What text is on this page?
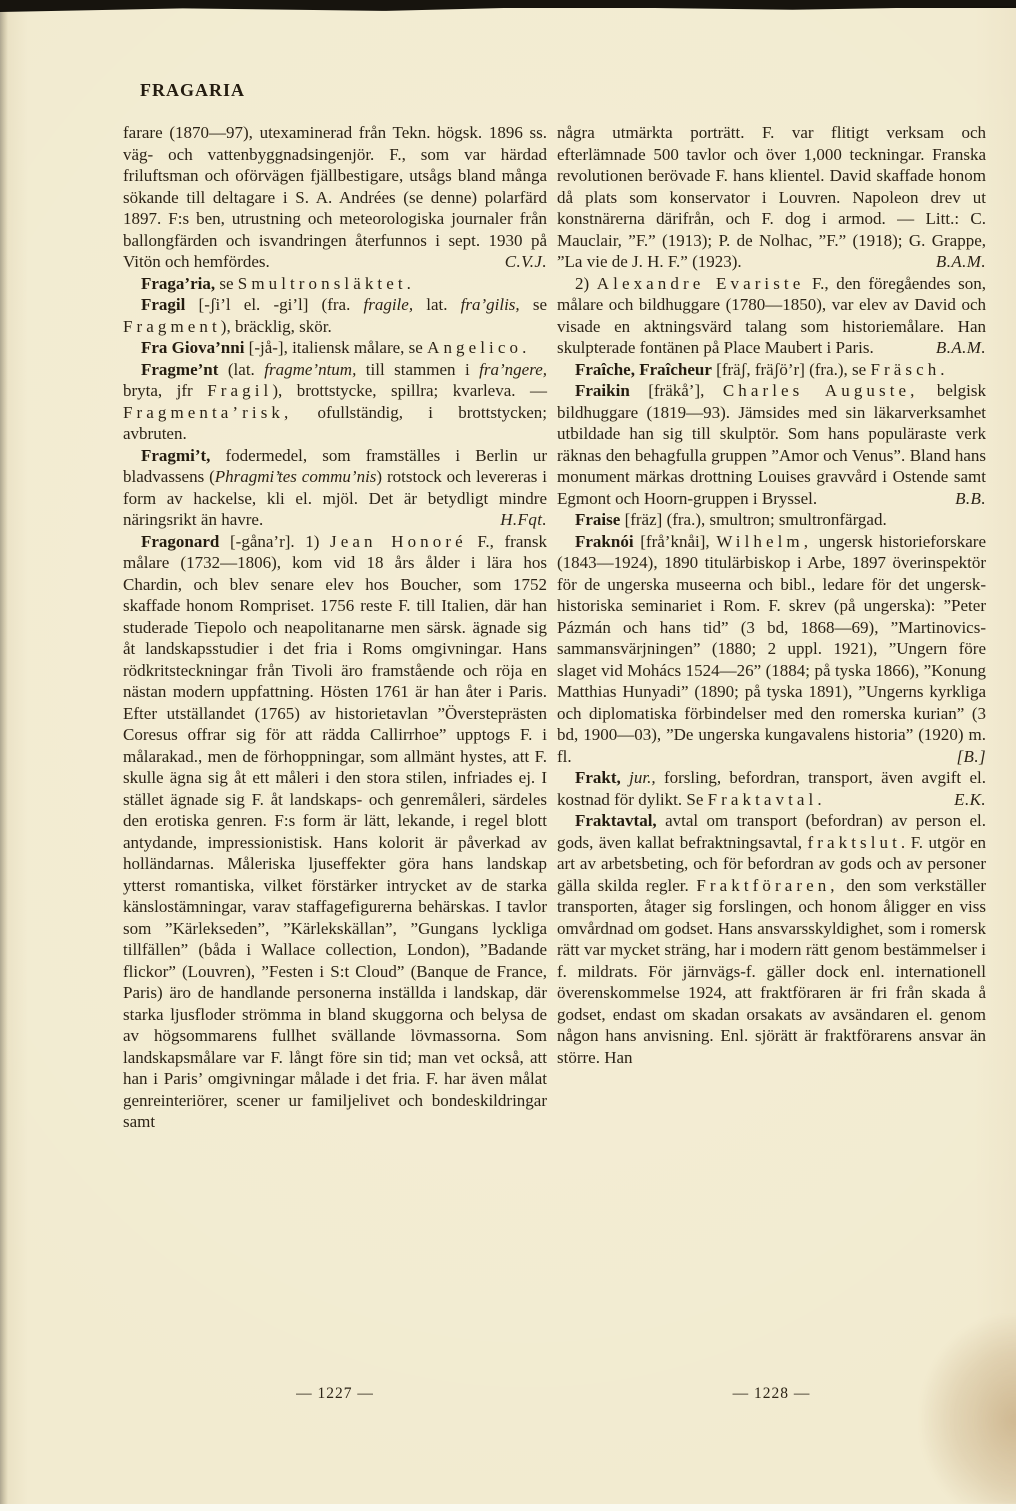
FRAGARIA

farare (1870—97), utexaminerad från Tekn. högsk. 1896 ss. väg- och vattenbyggnadsingenjör. F., som var härdad friluftsman och oförvägen fjällbestigare, utsågs bland många sökande till deltagare i S. A. Andrées (se denne) polarfärd 1897. F:s ben, utrustning och meteorologiska journaler från ballongfärden och isvandringen återfunnos i sept. 1930 på Vitön och hemfördes.	C.V.J.

Fraga’ria, se Smultronsläktet.

Fragil [-ʃi’l el. -gi’l] (fra. fragile, lat. fra’gilis, se Fragment), bräcklig, skör.

Fra Giova’nni [-jå-], italiensk målare, se Angelico.

Fragme’nt (lat. fragme’ntum, till stammen i fra’ngere, bryta, jfr Fragil), brottstycke, spillra; kvarleva. — Fragmenta’risk, ofullständig, i brottstycken; avbruten.

Fragmi’t, fodermedel, som framställes i Berlin ur bladvassens (Phragmi’tes commu’nis) rotstock och levereras i form av hackelse, kli el. mjöl. Det är betydligt mindre näringsrikt än havre.	H.Fqt.

Fragonard [-gåna’r]. 1) Jean Honoré F., fransk målare (1732—1806), kom vid 18 års ålder i lära hos Chardin, och blev senare elev hos Boucher, som 1752 skaffade honom Rompriset. 1756 reste F. till Italien, där han studerade Tiepolo och neapolitanarne men särsk. ägnade sig åt landskapsstudier i det fria i Roms omgivningar. Hans rödkritsteckningar från Tivoli äro framstående och röja en nästan modern uppfattning. Hösten 1761 är han åter i Paris. Efter utställandet (1765) av historietavlan ”Översteprästen Coresus offrar sig för att rädda Callirrhoe” upptogs F. i målarakad., men de förhoppningar, som allmänt hystes, att F. skulle ägna sig åt ett måleri i den stora stilen, infriades ej. I stället ägnade sig F. åt landskaps- och genremåleri, särdeles den erotiska genren. F:s form är lätt, lekande, i regel blott antydande, impressionistisk. Hans kolorit är påverkad av holländarnas. Måleriska ljuseffekter göra hans landskap ytterst romantiska, vilket förstärker intrycket av de starka känslostämningar, varav staffagefigurerna behärskas. I tavlor som ”Kärlekseden”, ”Kärlekskällan”, ”Gungans lyckliga tillfällen” (båda i Wallace collection, London), ”Badande flickor” (Louvren), ”Festen i S:t Cloud” (Banque de France, Paris) äro de handlande personerna inställda i landskap, där starka ljusfloder strömma in bland skuggorna och belysa de av högsommarens fullhet svällande lövmassorna. Som landskapsmålare var F. långt före sin tid; man vet också, att han i Paris’ omgivningar målade i det fria. F. har även målat genreinteriörer, scener ur familjelivet och bondeskildringar samt

några utmärkta porträtt. F. var flitigt verksam och efterlämnade 500 tavlor och över 1,000 teckningar. Franska revolutionen berövade F. hans klientel. David skaffade honom då plats som konservator i Louvren. Napoleon drev ut konstnärerna därifrån, och F. dog i armod. — Litt.: C. Mauclair, ”F.” (1913); P. de Nolhac, ”F.” (1918); G. Grappe, ”La vie de J. H. F.” (1923).	B.A.M.

2) Alexandre Evariste F., den föregåendes son, målare och bildhuggare (1780—1850), var elev av David och visade en aktningsvärd talang som historiemålare. Han skulpterade fontänen på Place Maubert i Paris.	B.A.M.

Fraîche, Fraîcheur [fräʃ, fräʃö’r] (fra.), se Fräsch.

Fraikin [fräkå’], Charles Auguste, belgisk bildhuggare (1819—93). Jämsides med sin läkarverksamhet utbildade han sig till skulptör. Som hans populäraste verk räknas den behagfulla gruppen ”Amor och Venus”. Bland hans monument märkas drottning Louises gravvård i Ostende samt Egmont och Hoorn-gruppen i Bryssel.	B.B.

Fraise [fräz] (fra.), smultron; smultronfärgad.

Fraknói [frå’knåi], Wilhelm, ungersk historieforskare (1843—1924), 1890 titulärbiskop i Arbe, 1897 överinspektör för de ungerska museerna och bibl., ledare för det ungersk-historiska seminariet i Rom. F. skrev (på ungerska): ”Peter Pázmán och hans tid” (3 bd, 1868—69), ”Martinovics-sammansvärjningen” (1880; 2 uppl. 1921), ”Ungern före slaget vid Mohács 1524—26” (1884; på tyska 1866), ”Konung Matthias Hunyadi” (1890; på tyska 1891), ”Ungerns kyrkliga och diplomatiska förbindelser med den romerska kurian” (3 bd, 1900—03), ”De ungerska kungavalens historia” (1920) m. fl.	[B.]

Frakt, jur., forsling, befordran, transport, även avgift el. kostnad för dylikt. Se Fraktavtal.	E.K.

Fraktavtal, avtal om transport (befordran) av person el. gods, även kallat befraktningsavtal, fraktslut. F. utgör en art av arbetsbeting, och för befordran av gods och av personer gälla skilda regler. Fraktföraren, den som verkställer transporten, åtager sig forslingen, och honom åligger en viss omvårdnad om godset. Hans ansvarsskyldighet, som i romersk rätt var mycket sträng, har i modern rätt genom bestämmelser i f. mildrats. För järnvägs-f. gäller dock enl. internationell överenskommelse 1924, att fraktföraren är fri från skada å godset, endast om skadan orsakats av avsändaren el. genom någon hans anvisning. Enl. sjörätt är fraktförarens ansvar än större. Han

— 1227 —	— 1228 —
